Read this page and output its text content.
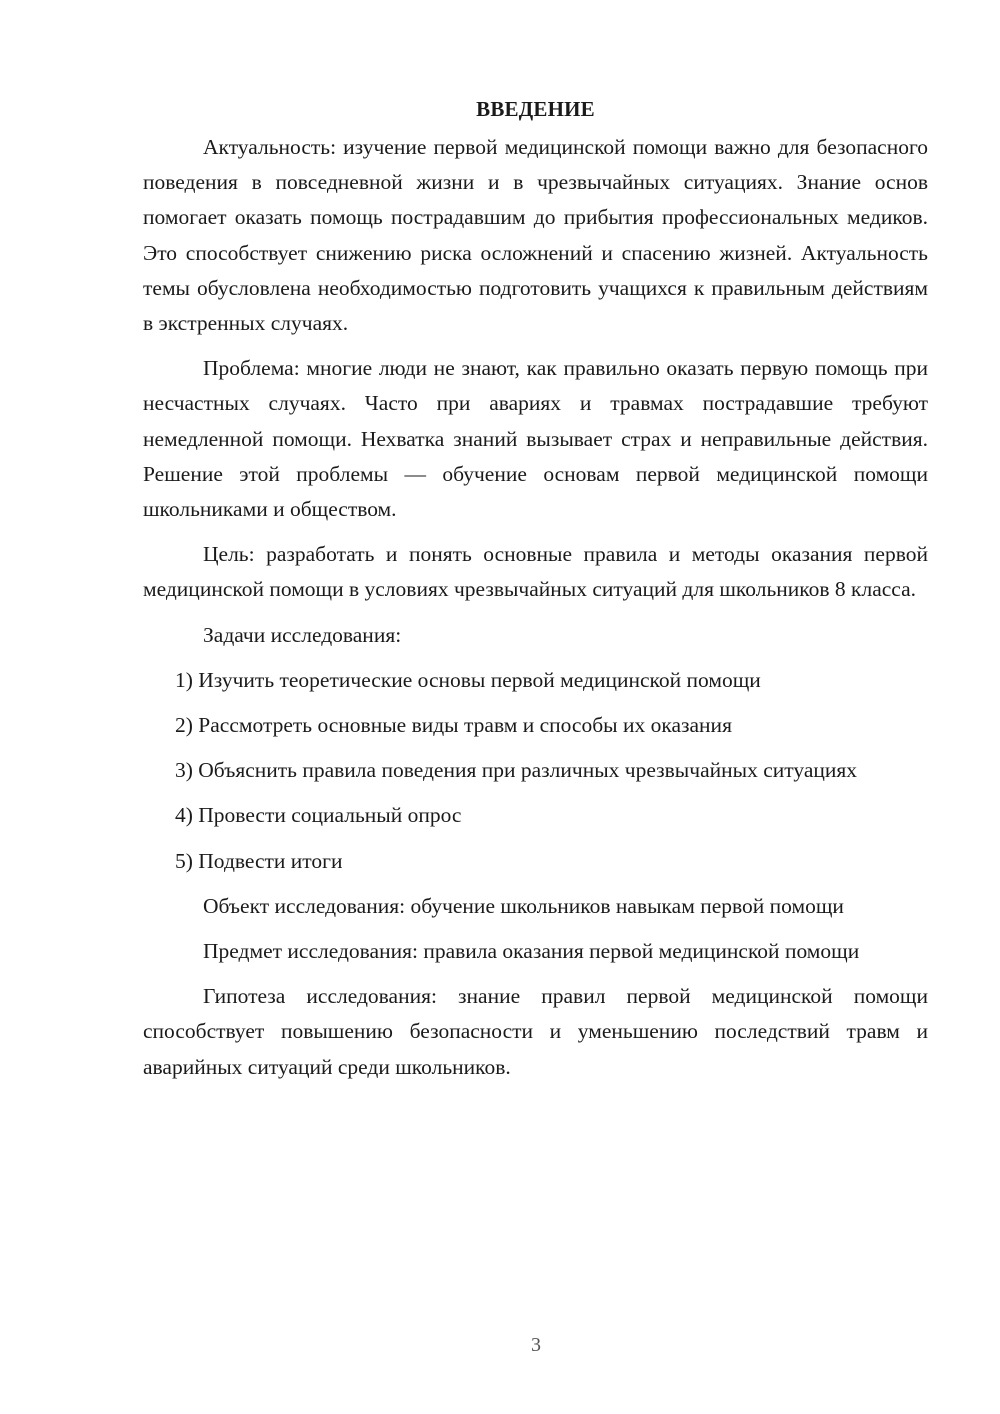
ВВЕДЕНИЕ

Актуальность: изучение первой медицинской помощи важно для безопасного поведения в повседневной жизни и в чрезвычайных ситуациях. Знание основ помогает оказать помощь пострадавшим до прибытия профессиональных медиков. Это способствует снижению риска осложнений и спасению жизней. Актуальность темы обусловлена необходимостью подготовить учащихся к правильным действиям в экстренных случаях.

Проблема: многие люди не знают, как правильно оказать первую помощь при несчастных случаях. Часто при авариях и травмах пострадавшие требуют немедленной помощи. Нехватка знаний вызывает страх и неправильные действия. Решение этой проблемы — обучение основам первой медицинской помощи школьниками и обществом.

Цель: разработать и понять основные правила и методы оказания первой медицинской помощи в условиях чрезвычайных ситуаций для школьников 8 класса.

Задачи исследования:

1) Изучить теоретические основы первой медицинской помощи

2) Рассмотреть основные виды травм и способы их оказания

3) Объяснить правила поведения при различных чрезвычайных ситуациях

4) Провести социальный опрос

5) Подвести итоги

Объект исследования: обучение школьников навыкам первой помощи

Предмет исследования: правила оказания первой медицинской помощи

Гипотеза исследования: знание правил первой медицинской помощи способствует повышению безопасности и уменьшению последствий травм и аварийных ситуаций среди школьников.

3
